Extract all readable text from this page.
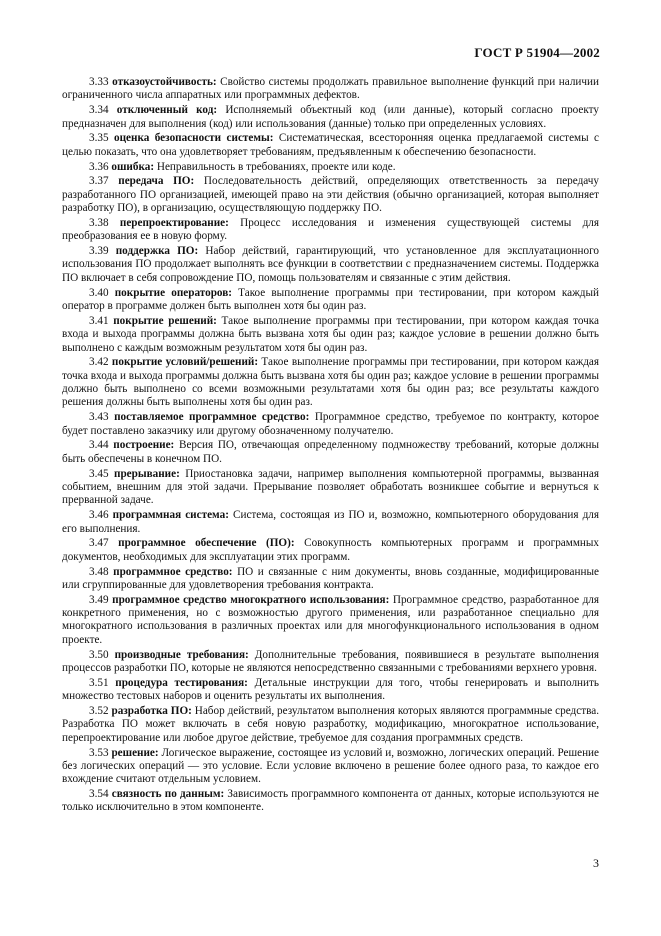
ГОСТ Р 51904—2002

3.33 отказоустойчивость: Свойство системы продолжать правильное выполнение функций при наличии ограниченного числа аппаратных или программных дефектов.

3.34 отключенный код: Исполняемый объектный код (или данные), который согласно проекту предназначен для выполнения (код) или использования (данные) только при определенных условиях.

3.35 оценка безопасности системы: Систематическая, всесторонняя оценка предлагаемой системы с целью показать, что она удовлетворяет требованиям, предъявленным к обеспечению безопасности.

3.36 ошибка: Неправильность в требованиях, проекте или коде.

3.37 передача ПО: Последовательность действий, определяющих ответственность за передачу разработанного ПО организацией, имеющей право на эти действия (обычно организацией, которая выполняет разработку ПО), в организацию, осуществляющую поддержку ПО.

3.38 перепроектирование: Процесс исследования и изменения существующей системы для преобразования ее в новую форму.

3.39 поддержка ПО: Набор действий, гарантирующий, что установленное для эксплуатационного использования ПО продолжает выполнять все функции в соответствии с предназначением системы. Поддержка ПО включает в себя сопровождение ПО, помощь пользователям и связанные с этим действия.

3.40 покрытие операторов: Такое выполнение программы при тестировании, при котором каждый оператор в программе должен быть выполнен хотя бы один раз.

3.41 покрытие решений: Такое выполнение программы при тестировании, при котором каждая точка входа и выхода программы должна быть вызвана хотя бы один раз; каждое условие в решении должно быть выполнено с каждым возможным результатом хотя бы один раз.

3.42 покрытие условий/решений: Такое выполнение программы при тестировании, при котором каждая точка входа и выхода программы должна быть вызвана хотя бы один раз; каждое условие в решении программы должно быть выполнено со всеми возможными результатами хотя бы один раз; все результаты каждого решения должны быть выполнены хотя бы один раз.

3.43 поставляемое программное средство: Программное средство, требуемое по контракту, которое будет поставлено заказчику или другому обозначенному получателю.

3.44 построение: Версия ПО, отвечающая определенному подмножеству требований, которые должны быть обеспечены в конечном ПО.

3.45 прерывание: Приостановка задачи, например выполнения компьютерной программы, вызванная событием, внешним для этой задачи. Прерывание позволяет обработать возникшее событие и вернуться к прерванной задаче.

3.46 программная система: Система, состоящая из ПО и, возможно, компьютерного оборудования для его выполнения.

3.47 программное обеспечение (ПО): Совокупность компьютерных программ и программных документов, необходимых для эксплуатации этих программ.

3.48 программное средство: ПО и связанные с ним документы, вновь созданные, модифицированные или сгруппированные для удовлетворения требования контракта.

3.49 программное средство многократного использования: Программное средство, разработанное для конкретного применения, но с возможностью другого применения, или разработанное специально для многократного использования в различных проектах или для многофункционального использования в одном проекте.

3.50 производные требования: Дополнительные требования, появившиеся в результате выполнения процессов разработки ПО, которые не являются непосредственно связанными с требованиями верхнего уровня.

3.51 процедура тестирования: Детальные инструкции для того, чтобы генерировать и выполнить множество тестовых наборов и оценить результаты их выполнения.

3.52 разработка ПО: Набор действий, результатом выполнения которых являются программные средства. Разработка ПО может включать в себя новую разработку, модификацию, многократное использование, перепроектирование или любое другое действие, требуемое для создания программных средств.

3.53 решение: Логическое выражение, состоящее из условий и, возможно, логических операций. Решение без логических операций — это условие. Если условие включено в решение более одного раза, то каждое его вхождение считают отдельным условием.

3.54 связность по данным: Зависимость программного компонента от данных, которые используются не только исключительно в этом компоненте.

3
